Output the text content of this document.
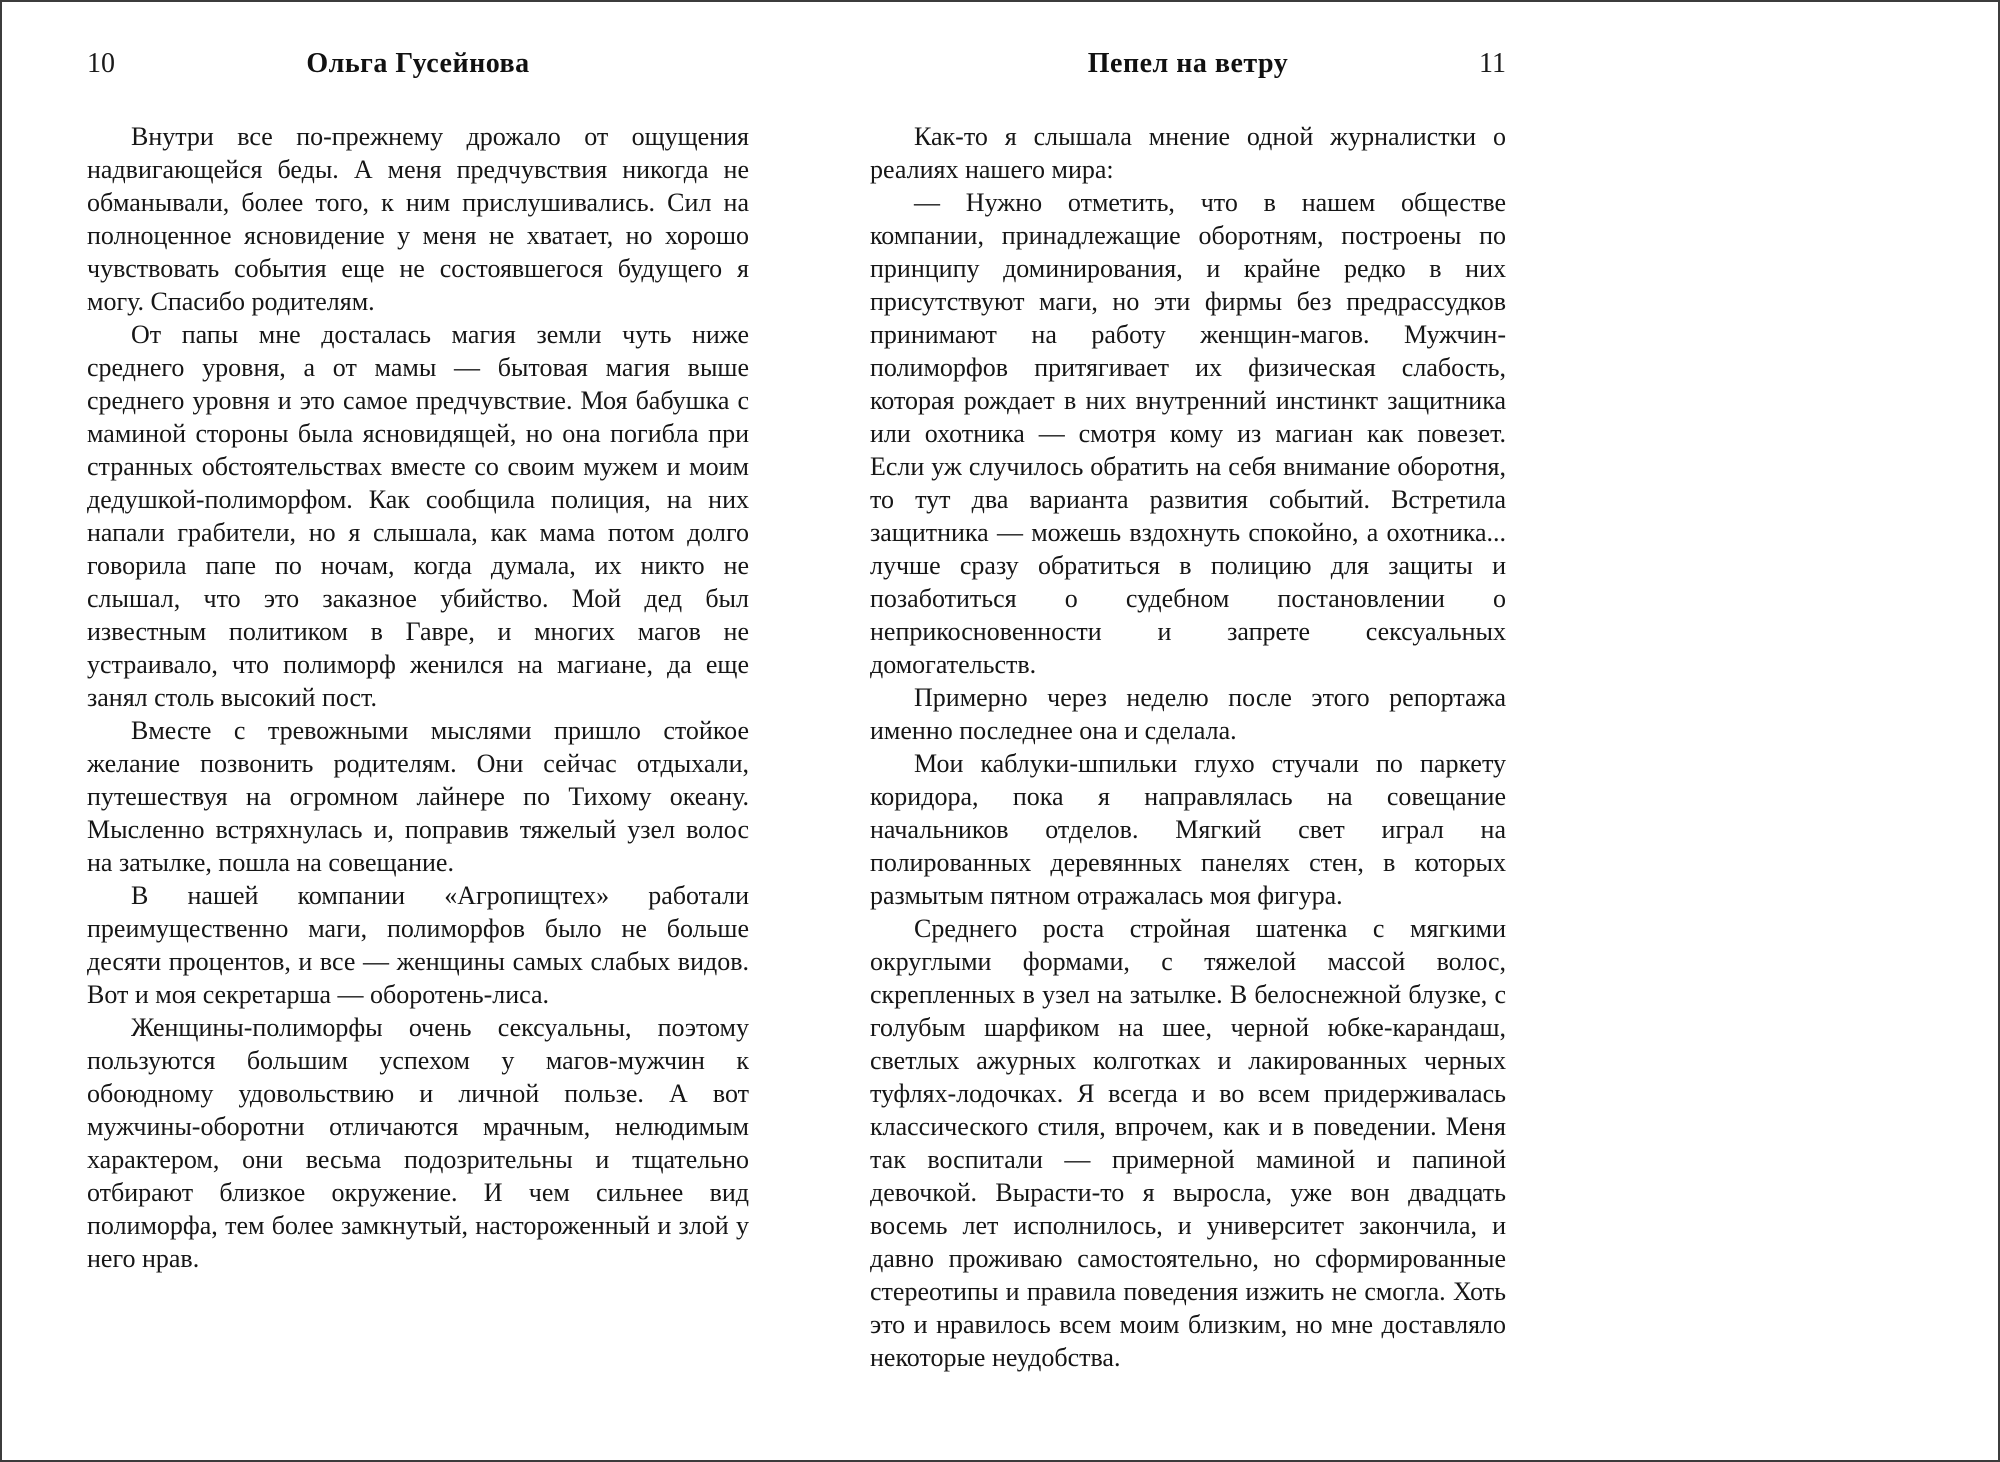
10	Ольга Гусейнова

Внутри все по-прежнему дрожало от ощущения надвигающейся беды. А меня предчувствия никогда не обманывали, более того, к ним прислушивались. Сил на полноценное ясновидение у меня не хватает, но хорошо чувствовать события еще не состоявшегося будущего я могу. Спасибо родителям.

От папы мне досталась магия земли чуть ниже среднего уровня, а от мамы — бытовая магия выше среднего уровня и это самое предчувствие. Моя бабушка с маминой стороны была ясновидящей, но она погибла при странных обстоятельствах вместе со своим мужем и моим дедушкой-полиморфом. Как сообщила полиция, на них напали грабители, но я слышала, как мама потом долго говорила папе по ночам, когда думала, их никто не слышал, что это заказное убийство. Мой дед был известным политиком в Гавре, и многих магов не устраивало, что полиморф женился на магиане, да еще занял столь высокий пост.

Вместе с тревожными мыслями пришло стойкое желание позвонить родителям. Они сейчас отдыхали, путешествуя на огромном лайнере по Тихому океану. Мысленно встряхнулась и, поправив тяжелый узел волос на затылке, пошла на совещание.

В нашей компании «Агропищтех» работали преимущественно маги, полиморфов было не больше десяти процентов, и все — женщины самых слабых видов. Вот и моя секретарша — оборотень-лиса.

Женщины-полиморфы очень сексуальны, поэтому пользуются большим успехом у магов-мужчин к обоюдному удовольствию и личной пользе. А вот мужчины-оборотни отличаются мрачным, нелюдимым характером, они весьма подозрительны и тщательно отбирают близкое окружение. И чем сильнее вид полиморфа, тем более замкнутый, настороженный и злой у него нрав.

Пепел на ветру	11

Как-то я слышала мнение одной журналистки о реалиях нашего мира:

— Нужно отметить, что в нашем обществе компании, принадлежащие оборотням, построены по принципу доминирования, и крайне редко в них присутствуют маги, но эти фирмы без предрассудков принимают на работу женщин-магов. Мужчин-полиморфов притягивает их физическая слабость, которая рождает в них внутренний инстинкт защитника или охотника — смотря кому из магиан как повезет. Если уж случилось обратить на себя внимание оборотня, то тут два варианта развития событий. Встретила защитника — можешь вздохнуть спокойно, а охотника... лучше сразу обратиться в полицию для защиты и позаботиться о судебном постановлении о неприкосновенности и запрете сексуальных домогательств.

Примерно через неделю после этого репортажа именно последнее она и сделала.

Мои каблуки-шпильки глухо стучали по паркету коридора, пока я направлялась на совещание начальников отделов. Мягкий свет играл на полированных деревянных панелях стен, в которых размытым пятном отражалась моя фигура.

Среднего роста стройная шатенка с мягкими округлыми формами, с тяжелой массой волос, скрепленных в узел на затылке. В белоснежной блузке, с голубым шарфиком на шее, черной юбке-карандаш, светлых ажурных колготках и лакированных черных туфлях-лодочках. Я всегда и во всем придерживалась классического стиля, впрочем, как и в поведении. Меня так воспитали — примерной маминой и папиной девочкой. Вырасти-то я выросла, уже вон двадцать восемь лет исполнилось, и университет закончила, и давно проживаю самостоятельно, но сформированные стереотипы и правила поведения изжить не смогла. Хоть это и нравилось всем моим близким, но мне доставляло некоторые неудобства.
